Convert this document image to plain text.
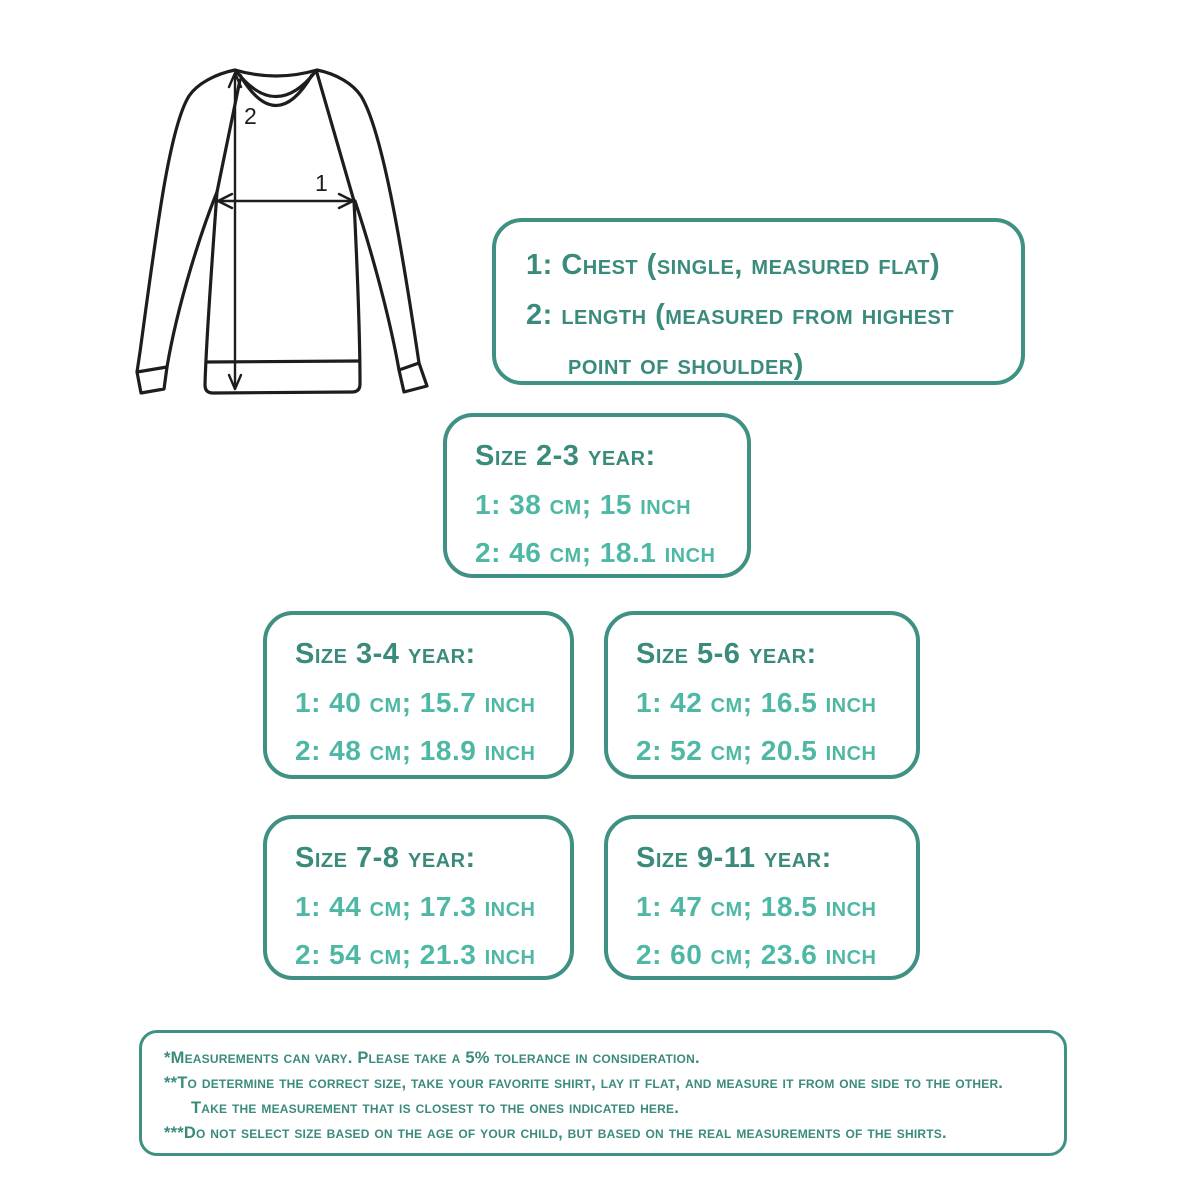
2
1
1: Chest (single, measured flat)
2: length (measured from highest
point of shoulder)
Size 2-3 year:
1: 38 cm; 15 inch
2: 46 cm; 18.1 inch
Size 3-4 year:
1: 40 cm; 15.7 inch
2: 48 cm; 18.9 inch
Size 5-6 year:
1: 42 cm; 16.5 inch
2: 52 cm; 20.5 inch
Size 7-8 year:
1: 44 cm; 17.3 inch
2: 54 cm; 21.3 inch
Size 9-11 year:
1: 47 cm; 18.5 inch
2: 60 cm; 23.6 inch
*Measurements can vary. Please take a 5% tolerance in consideration.
**To determine the correct size, take your favorite shirt, lay it flat, and measure it from one side to the other.
Take the measurement that is closest to the ones indicated here.
***Do not select size based on the age of your child, but based on the real measurements of the shirts.
